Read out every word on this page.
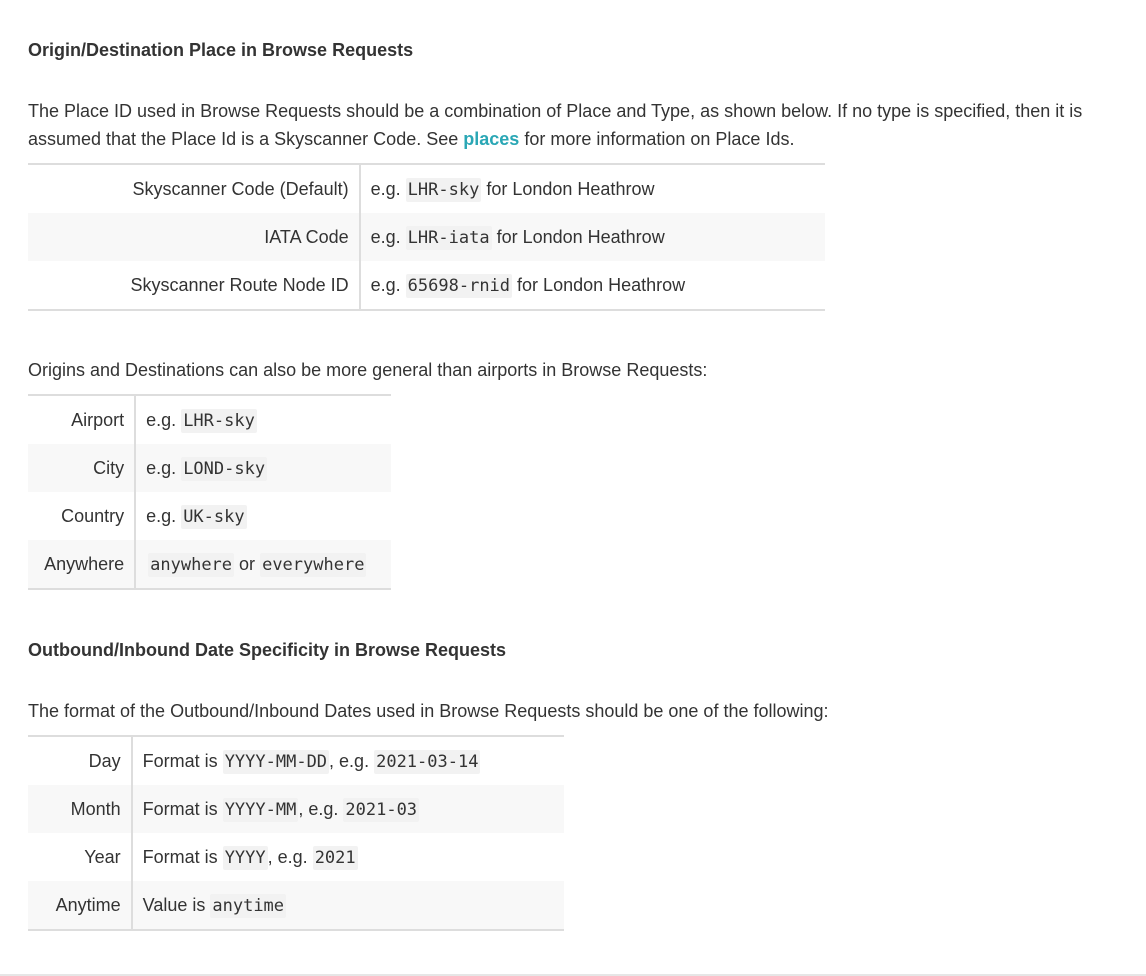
Origin/Destination Place in Browse Requests

The Place ID used in Browse Requests should be a combination of Place and Type, as shown below. If no type is specified, then it is assumed that the Place Id is a Skyscanner Code. See places for more information on Place Ids.

Skyscanner Code (Default)	e.g. LHR-sky for London Heathrow
IATA Code	e.g. LHR-iata for London Heathrow
Skyscanner Route Node ID	e.g. 65698-rnid for London Heathrow

Origins and Destinations can also be more general than airports in Browse Requests:

Airport	e.g. LHR-sky
City	e.g. LOND-sky
Country	e.g. UK-sky
Anywhere	anywhere or everywhere
Outbound/Inbound Date Specificity in Browse Requests

The format of the Outbound/Inbound Dates used in Browse Requests should be one of the following:

Day	Format is YYYY-MM-DD , e.g. 2021-03-14
Month	Format is YYYY-MM , e.g. 2021-03
Year	Format is YYYY , e.g. 2021
Anytime	Value is anytime
